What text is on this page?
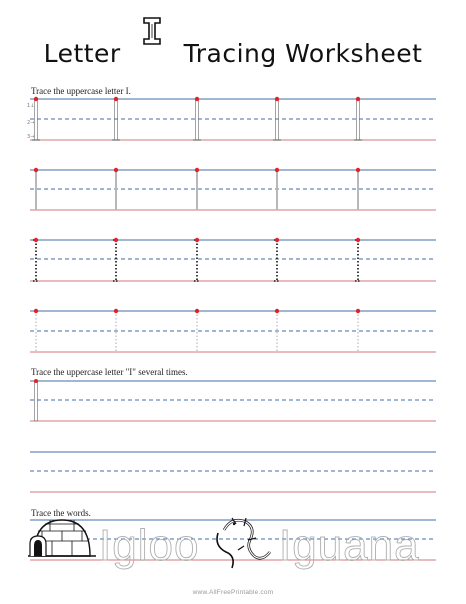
Letter	Tracing Worksheet
Trace the uppercase letter I.
Trace the uppercase letter "I" several times.
Trace the words.
1↓
2→
3→
Igloo Iguana
www.AllFreePrintable.com
